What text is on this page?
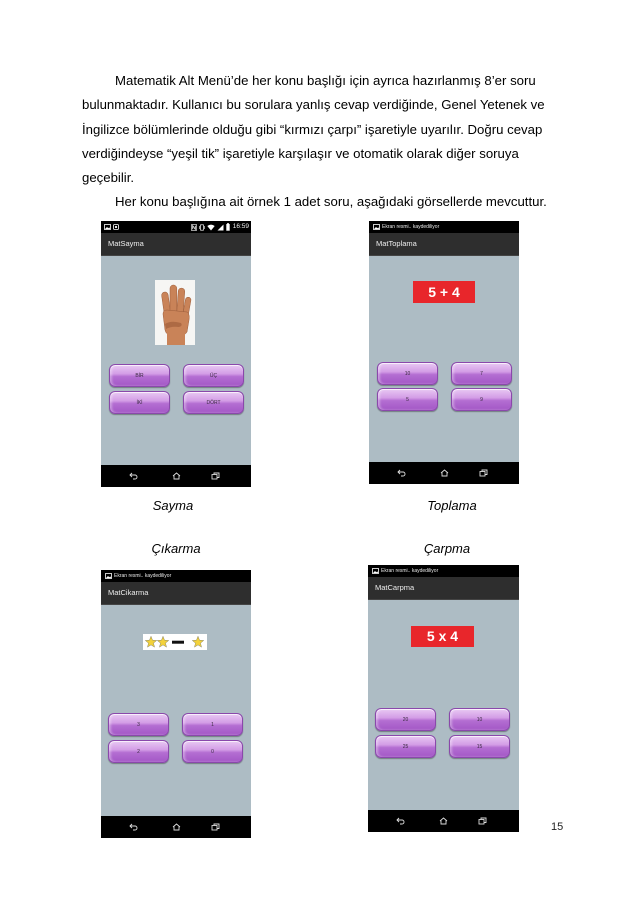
Matematik Alt Menü’de her konu başlığı için ayrıca hazırlanmış 8’er soru
bulunmaktadır. Kullanıcı bu sorulara yanlış cevap verdiğinde, Genel Yetenek ve
İngilizce bölümlerinde olduğu gibi “kırmızı çarpı” işaretiyle uyarılır. Doğru cevap
verdiğindeyse “yeşil tik” işaretiyle karşılaşır ve otomatik olarak diğer soruya
geçebilir.
Her konu başlığına ait örnek 1 adet soru, aşağıdaki görsellerde mevcuttur.
16:59
MatSayma
BİR	ÜÇ
İKİ	DÖRT
Ekran resmi.. kaydediliyor
MatToplama
5 + 4
10	7
5	9
Ekran resmi.. kaydediliyor
MatCikarma
3	1
2	0
Ekran resmi.. kaydediliyor
MatCarpma
5 x 4
20	10
25	15
Sayma	Toplama
Çıkarma	Çarpma
15
